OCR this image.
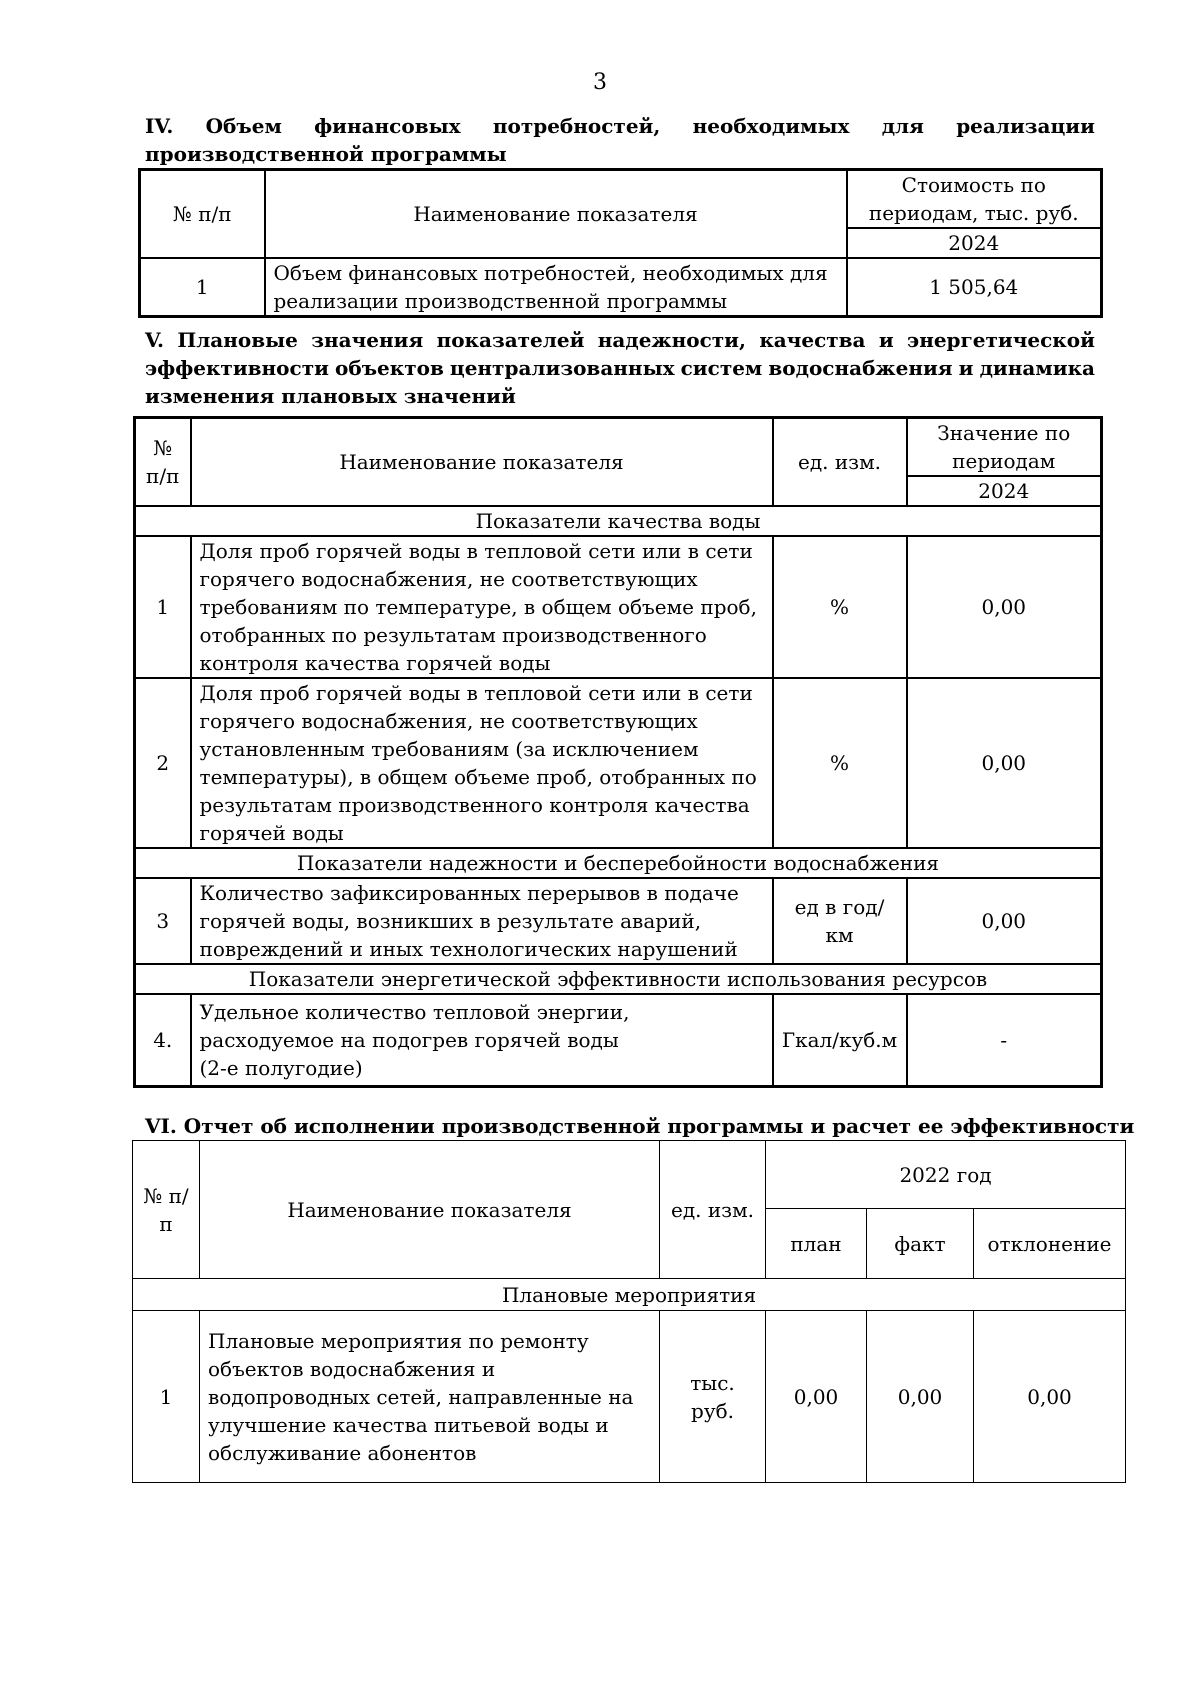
3
IV. Объем финансовых потребностей, необходимых для реализации
производственной программы
№ п/п	Наименование показателя	Стоимость по периодам, тыс. руб.
		2024
1	Объем финансовых потребностей, необходимых для реализации производственной программы	1 505,64
V. Плановые значения показателей надежности, качества и энергетической
эффективности объектов централизованных систем водоснабжения и динамика
изменения плановых значений
№ п/п	Наименование показателя	ед. изм.	Значение по периодам
			2024
Показатели качества воды			
1	Доля проб горячей воды в тепловой сети или в сети горячего водоснабжения, не соответствующих требованиям по температуре, в общем объеме проб, отобранных по результатам производственного контроля качества горячей воды	%	0,00
2	Доля проб горячей воды в тепловой сети или в сети горячего водоснабжения, не соответствующих установленным требованиям (за исключением температуры), в общем объеме проб, отобранных по результатам производственного контроля качества горячей воды	%	0,00
Показатели надежности и бесперебойности водоснабжения			
3	Количество зафиксированных перерывов в подаче горячей воды, возникших в результате аварий, повреждений и иных технологических нарушений	ед в год/ км	0,00
Показатели энергетической эффективности использования ресурсов			
4.	Удельное количество тепловой энергии, расходуемое на подогрев горячей воды
(2-е полугодие)	Гкал/куб.м	-
VI. Отчет об исполнении производственной программы и расчет ее эффективности
№ п/п	Наименование показателя	ед. изм.	2022 год		
			план	факт	отклонение
Плановые мероприятия					
1	Плановые мероприятия по ремонту объектов водоснабжения и водопроводных сетей, направленные на улучшение качества питьевой воды и обслуживание абонентов	тыс. руб.	0,00	0,00	0,00
